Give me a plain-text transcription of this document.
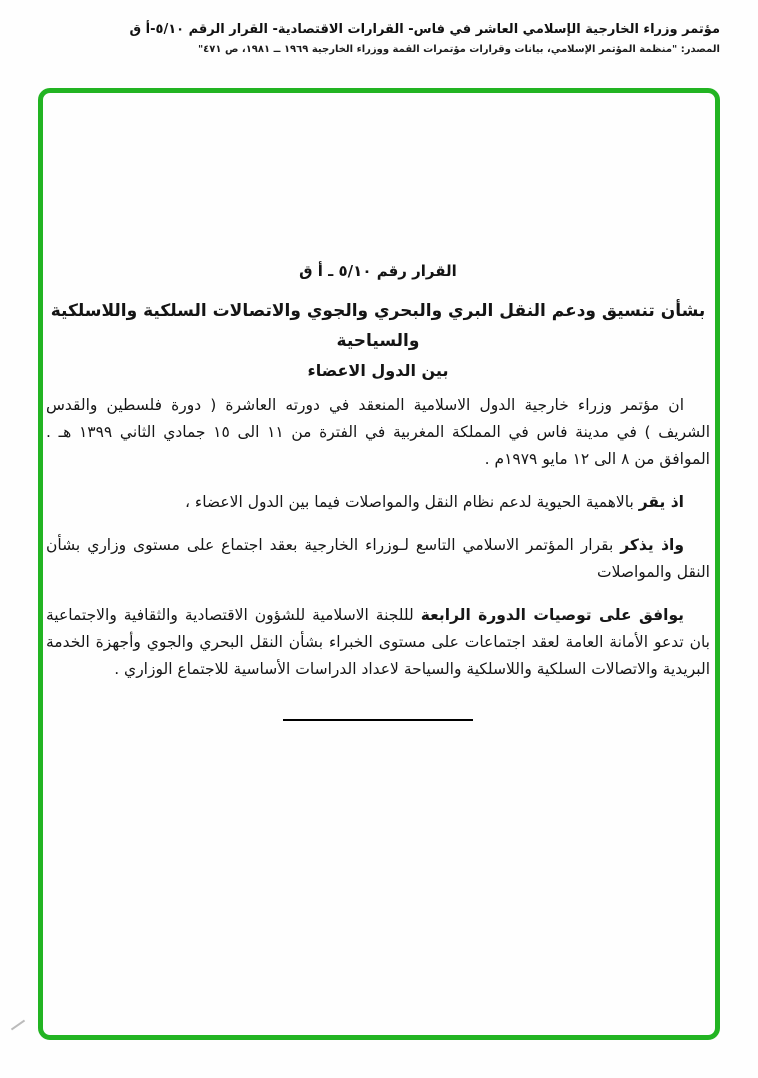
مؤتمر وزراء الخارجية الإسلامي العاشر في فاس- القرارات الاقتصادية- القرار الرقم ٥/١٠-أ ق
المصدر: "منظمة المؤتمر الإسلامي، بيانات وقرارات مؤتمرات القمة ووزراء الخارجية ١٩٦٩ ــ ١٩٨١، ص ٤٧١"
القرار رقم ٥/١٠ ـ أ ق
بشأن تنسيق ودعم النقل البري والبحري والجوي والاتصالات السلكية واللاسلكية والسياحية
بين الدول الاعضاء

ان مؤتمر وزراء خارجية الدول الاسلامية المنعقد في دورته العاشرة ( دورة فلسطين والقدس الشريف ) في مدينة فاس في المملكة المغربية في الفترة من ١١ الى ١٥ جمادي الثاني ١٣٩٩ هـ . الموافق من ٨ الى ١٢ مايو ١٩٧٩م .

اذ يقر بالاهمية الحيوية لدعم نظام النقل والمواصلات فيما بين الدول الاعضاء ،

واذ يذكر بقرار المؤتمر الاسلامي التاسع لـوزراء الخارجية بعقد اجتماع على مستوى وزاري بشأن النقل والمواصلات

يوافق على توصيات الدورة الرابعة لللجنة الاسلامية للشؤون الاقتصادية والثقافية والاجتماعية بان تدعو الأمانة العامة لعقد اجتماعات على مستوى الخبراء بشأن النقل البحري والجوي وأجهزة الخدمة البريدية والاتصالات السلكية واللاسلكية والسياحة لاعداد الدراسات الأساسية للاجتماع الوزاري .
